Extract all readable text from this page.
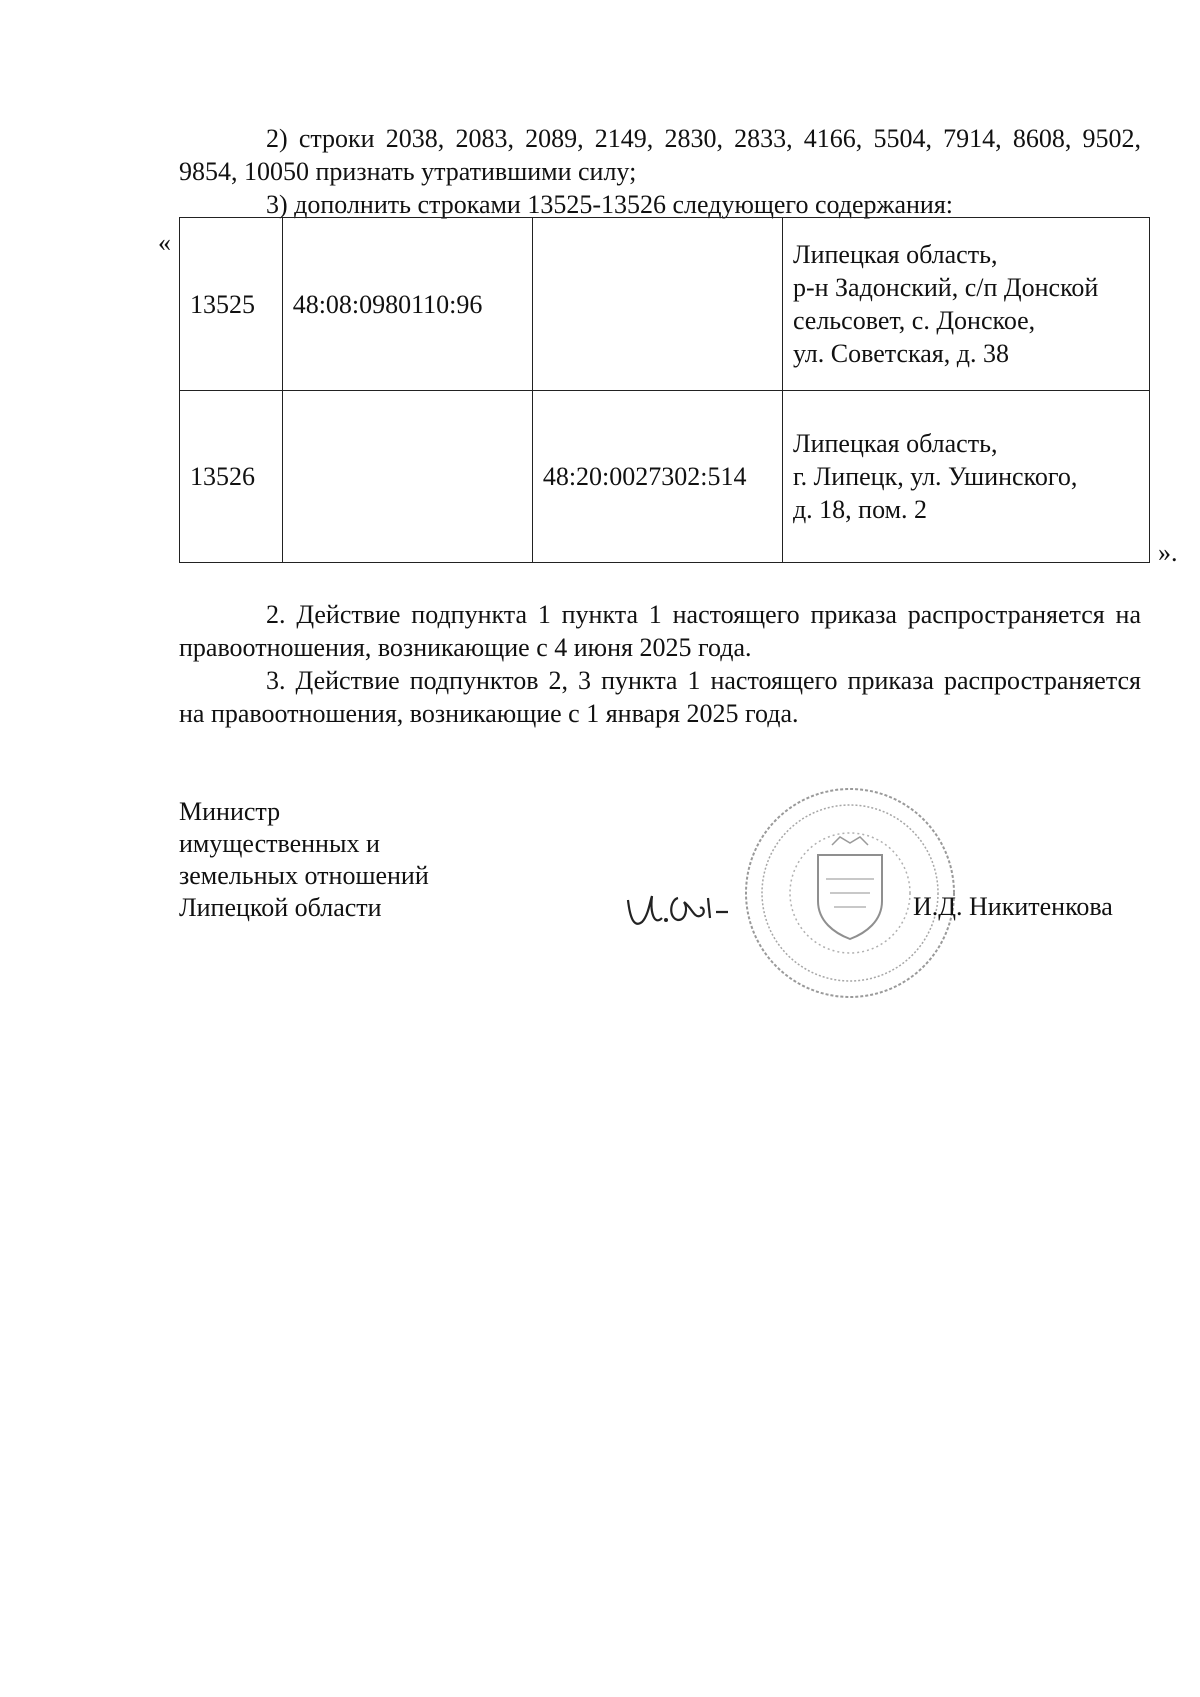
2) строки 2038, 2083, 2089, 2149, 2830, 2833, 4166, 5504, 7914, 8608, 9502, 9854, 10050 признать утратившими силу;

3) дополнить строками 13525-13526 следующего содержания:

«
13525	48:08:0980110:96		Липецкая область,
р-н Задонский, с/п Донской
сельсовет, с. Донское,
ул. Советская, д. 38

13526		48:20:0027302:514	Липецкая область,
г. Липецк, ул. Ушинского,
д. 18, пом. 2
».

2. Действие подпункта 1 пункта 1 настоящего приказа распространяется на правоотношения, возникающие с 4 июня 2025 года.

3. Действие подпунктов 2, 3 пункта 1 настоящего приказа распространяется на правоотношения, возникающие с 1 января 2025 года.

Министр
имущественных и
земельных отношений
Липецкой области	И.Д. Никитенкова
